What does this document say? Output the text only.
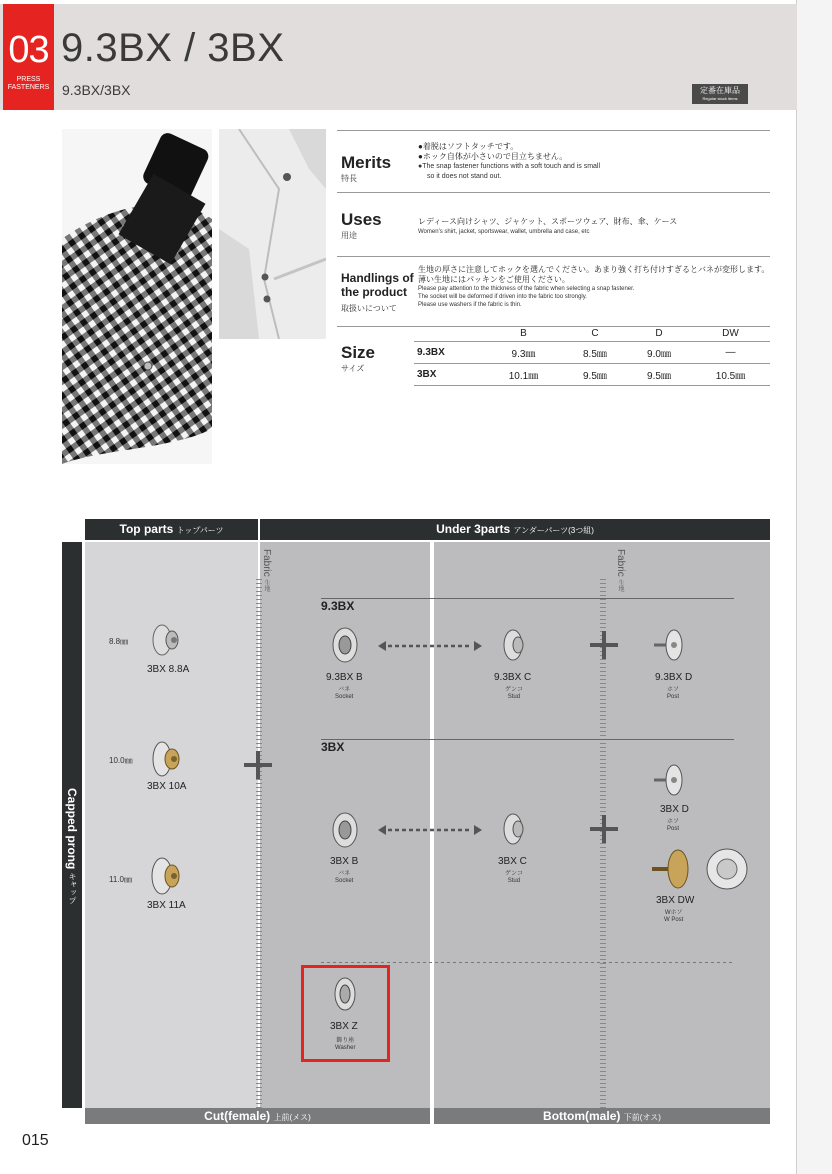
03
PRESS
FASTENERS
9.3BX / 3BX
9.3BX/3BX	定番在庫品
Regular stock items
Merits
特長
●着脱はソフトタッチです。
●ホック自体が小さいので目立ちません。
●The snap fastener functions with a soft touch and is small
so it does not stand out.
Uses
用途
レディース向けシャツ、ジャケット、スポーツウェア、財布、傘、ケース
Women's shirt, jacket, sportswear, wallet, umbrella and case, etc
Handlings of
the product
取扱いについて
生地の厚さに注意してホックを選んでください。あまり強く打ち付けすぎるとバネが変形します。
薄い生地にはパッキンをご使用ください。
Please pay attention to the thickness of the fabric when selecting a snap fastener.
The socket will be deformed if driven into the fabric too strongly.
Please use washers if the fabric is thin.
Size
サイズ
	B	C	D	DW
9.3BX	9.3㎜	8.5㎜	9.0㎜	—
3BX	10.1㎜	9.5㎜	9.5㎜	10.5㎜
Top parts トップパーツ	Under 3parts アンダーパーツ(3つ組)
Capped prong キャップ
Fabric 生地
Fabric 生地
9.3BX
3BX
8.8㎜
3BX 8.8A
10.0㎜
3BX 10A
11.0㎜
3BX 11A
9.3BX B
バネ
Socket
9.3BX C
ゲンコ
Stud
9.3BX D
ホソ
Post
3BX B
バネ
Socket
3BX C
ゲンコ
Stud
3BX D
ホソ
Post
3BX DW
Wホソ
W Post
3BX Z
飾り座
Washer
Cut(female) 上前(メス)	Bottom(male) 下前(オス)
015
